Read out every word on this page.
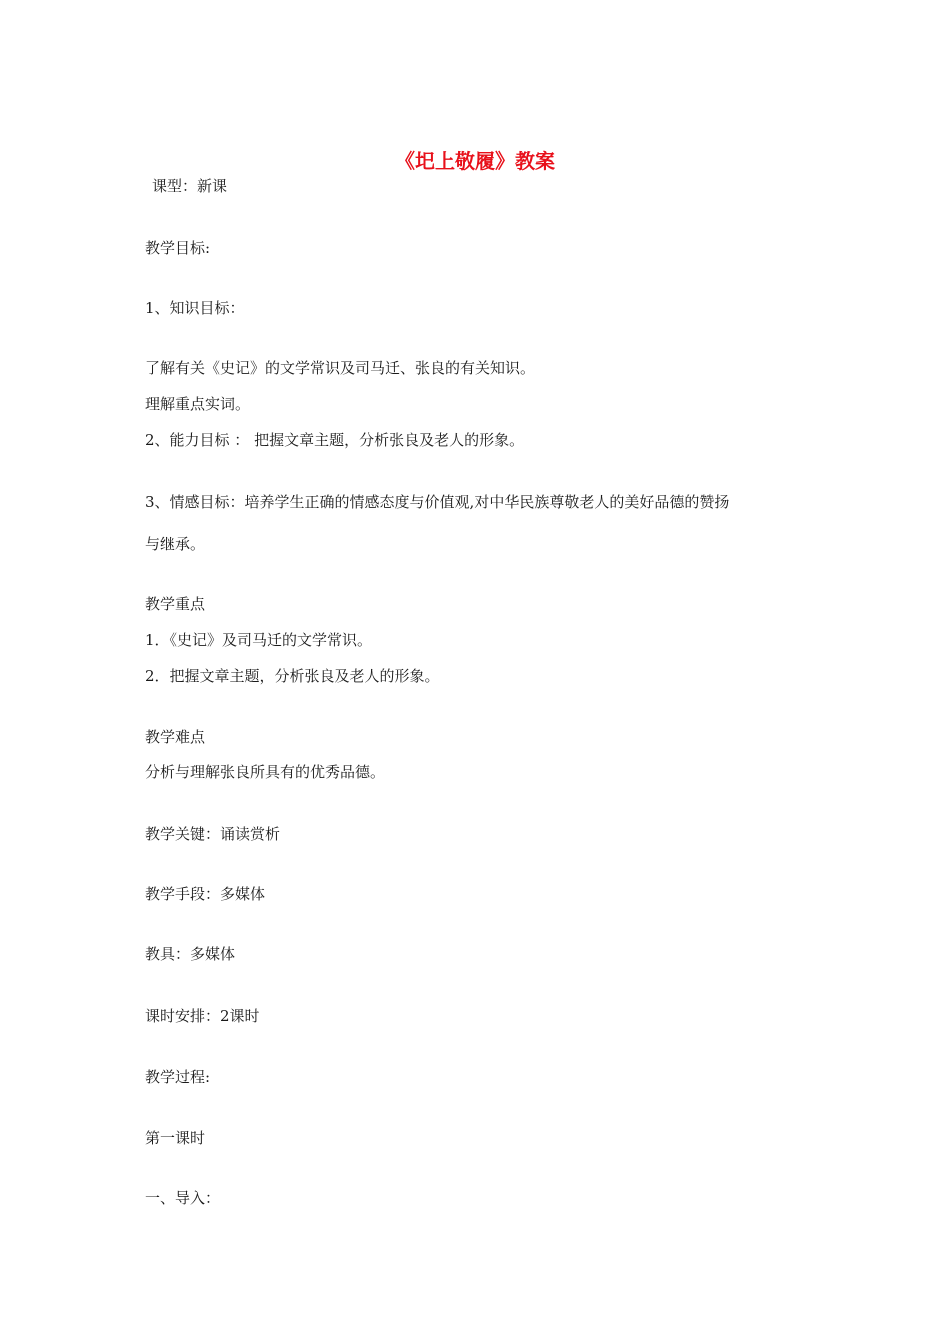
《圯上敬履》教案

课型：新课

教学目标:

1、知识目标：

了解有关《史记》的文学常识及司马迁、张良的有关知识。

理解重点实词。

2、能力目标 ： 把握文章主题，分析张良及老人的形象。

3、情感目标：培养学生正确的情感态度与价值观,对中华民族尊敬老人的美好品德的赞扬

与继承。

教学重点

1．《史记》及司马迁的文学常识。

2．把握文章主题，分析张良及老人的形象。

教学难点

分析与理解张良所具有的优秀品德。

教学关键：诵读赏析

教学手段：多媒体

教具：多媒体

课时安排：2课时

教学过程:

第一课时

一、导入：
